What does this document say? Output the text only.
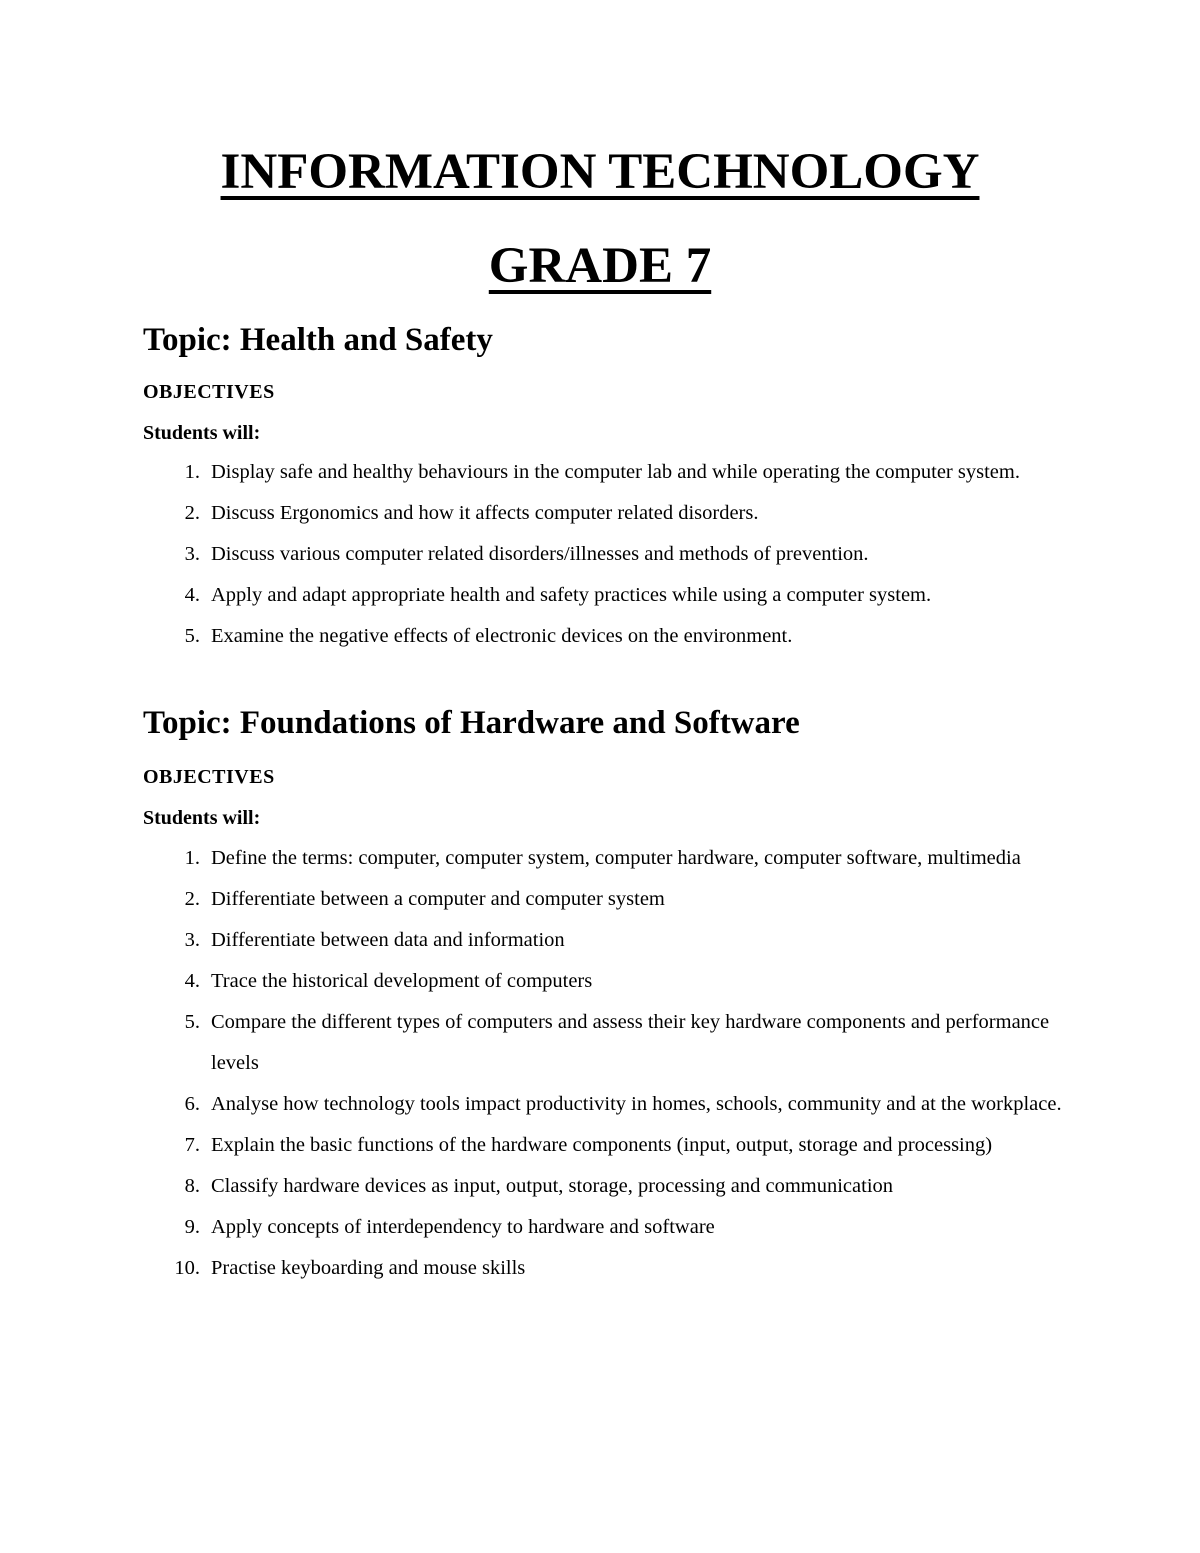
INFORMATION TECHNOLOGY
GRADE 7
Topic: Health and Safety
OBJECTIVES
Students will:
1. Display safe and healthy behaviours in the computer lab and while operating the computer system.
2. Discuss Ergonomics and how it affects computer related disorders.
3. Discuss various computer related disorders/illnesses and methods of prevention.
4. Apply and adapt appropriate health and safety practices while using a computer system.
5. Examine the negative effects of electronic devices on the environment.
Topic: Foundations of Hardware and Software
OBJECTIVES
Students will:
1. Define the terms: computer, computer system, computer hardware, computer software, multimedia
2. Differentiate between a computer and computer system
3. Differentiate between data and information
4. Trace the historical development of computers
5. Compare the different types of computers and assess their key hardware components and performance levels
6. Analyse how technology tools impact productivity in homes, schools, community and at the workplace.
7. Explain the basic functions of the hardware components (input, output, storage and processing)
8. Classify hardware devices as input, output, storage, processing and communication
9. Apply concepts of interdependency to hardware and software
10. Practise keyboarding and mouse skills
